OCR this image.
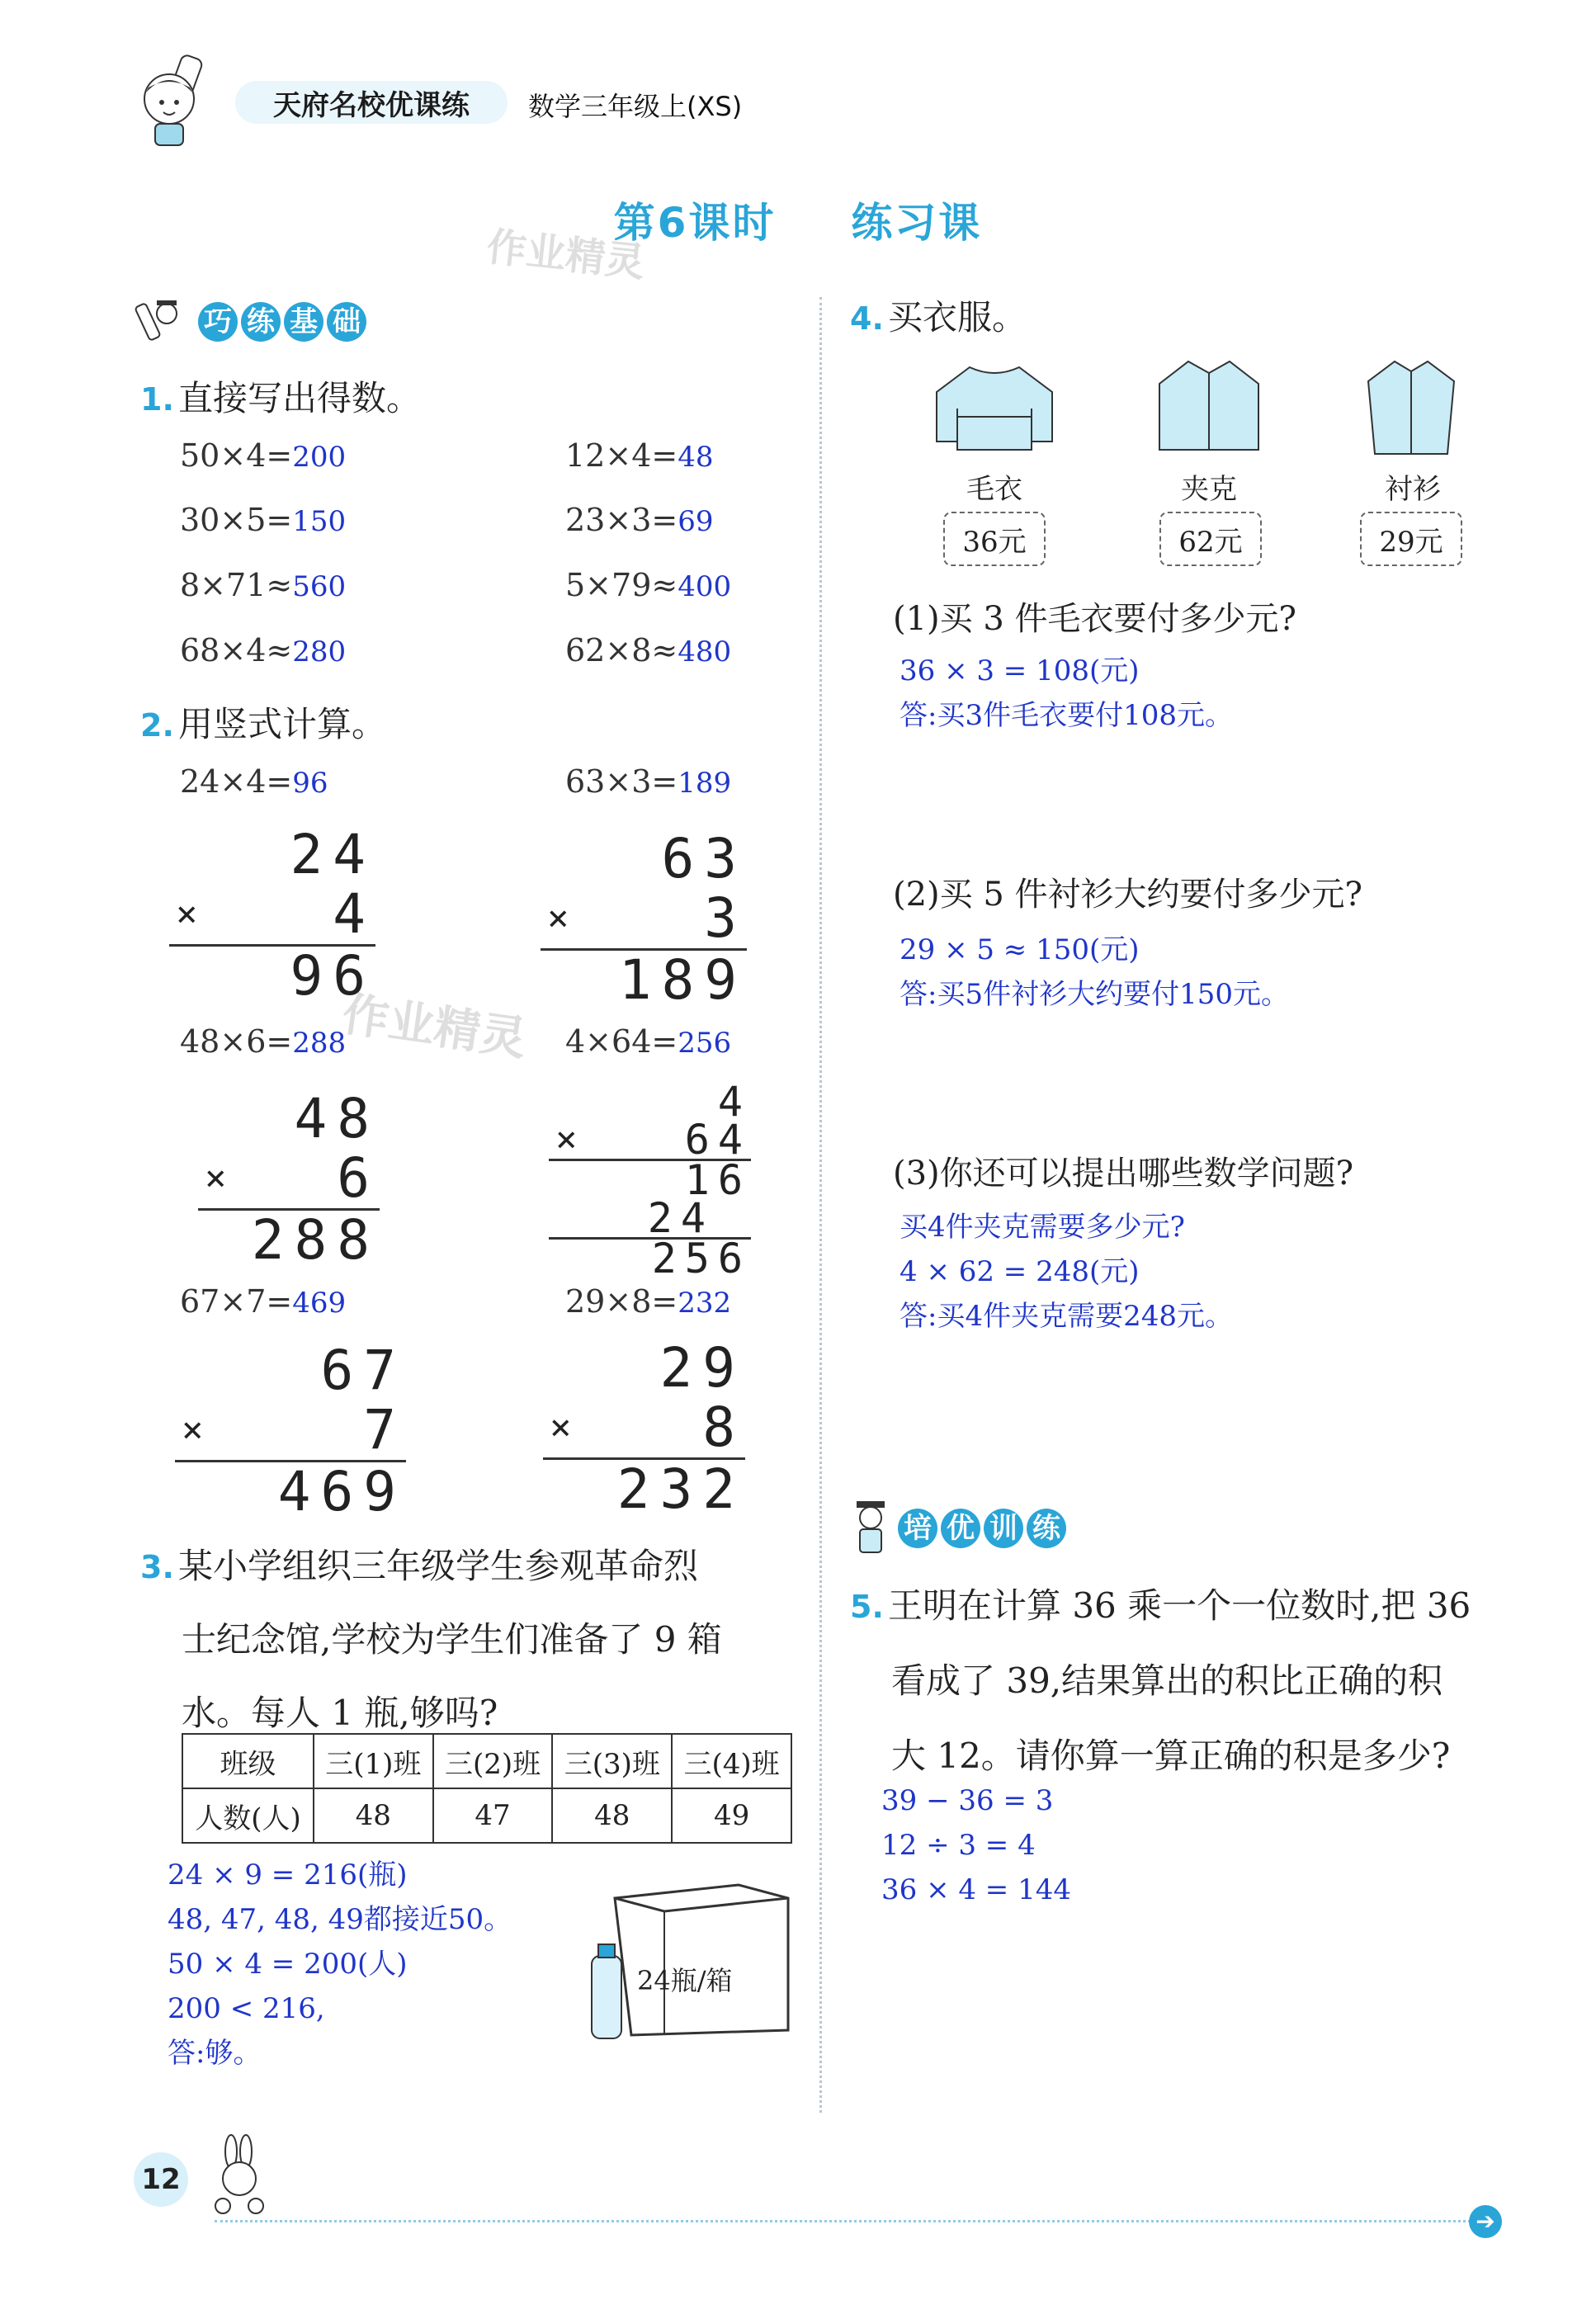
天府名校优课练	数学三年级上(XS)
第6课时 练习课
作业精灵
作业精灵
巧 练 基 础
1. 直接写出得数。
50×4=200	12×4=48
30×5=150	23×3=69
8×71≈560	5×79≈400
68×4≈280	62×8≈480
2. 用竖式计算。
24×4=96	63×3=189
24
× 4
96
63
× 3
189
48×6=288	4×64=256
48
× 6
288
4
× 64
16
24
256
67×7=469	29×8=232
67
×	7
469
29
× 8
232
3. 某小学组织三年级学生参观革命烈
士纪念馆,学校为学生们准备了 9 箱
水。每人 1 瓶,够吗?
班级	三(1)班	三(2)班	三(3)班	三(4)班
人数(人)	48	47	48	49
24 × 9 = 216(瓶)
48, 47, 48, 49都接近50。
50 × 4 = 200(人)
200 < 216,
答:够。
24瓶/箱
4. 买衣服。
毛衣	夹克	衬衫
36元	62元	29元
(1)买 3 件毛衣要付多少元?
36 × 3 = 108(元)
答:买3件毛衣要付108元。
(2)买 5 件衬衫大约要付多少元?
29 × 5 ≈ 150(元)
答:买5件衬衫大约要付150元。
(3)你还可以提出哪些数学问题?
买4件夹克需要多少元?
4 × 62 = 248(元)
答:买4件夹克需要248元。
培 优 训 练
5. 王明在计算 36 乘一个一位数时,把 36
看成了 39,结果算出的积比正确的积
大 12。请你算一算正确的积是多少?
39 − 36 = 3
12 ÷ 3 = 4
36 × 4 = 144
12
➔
